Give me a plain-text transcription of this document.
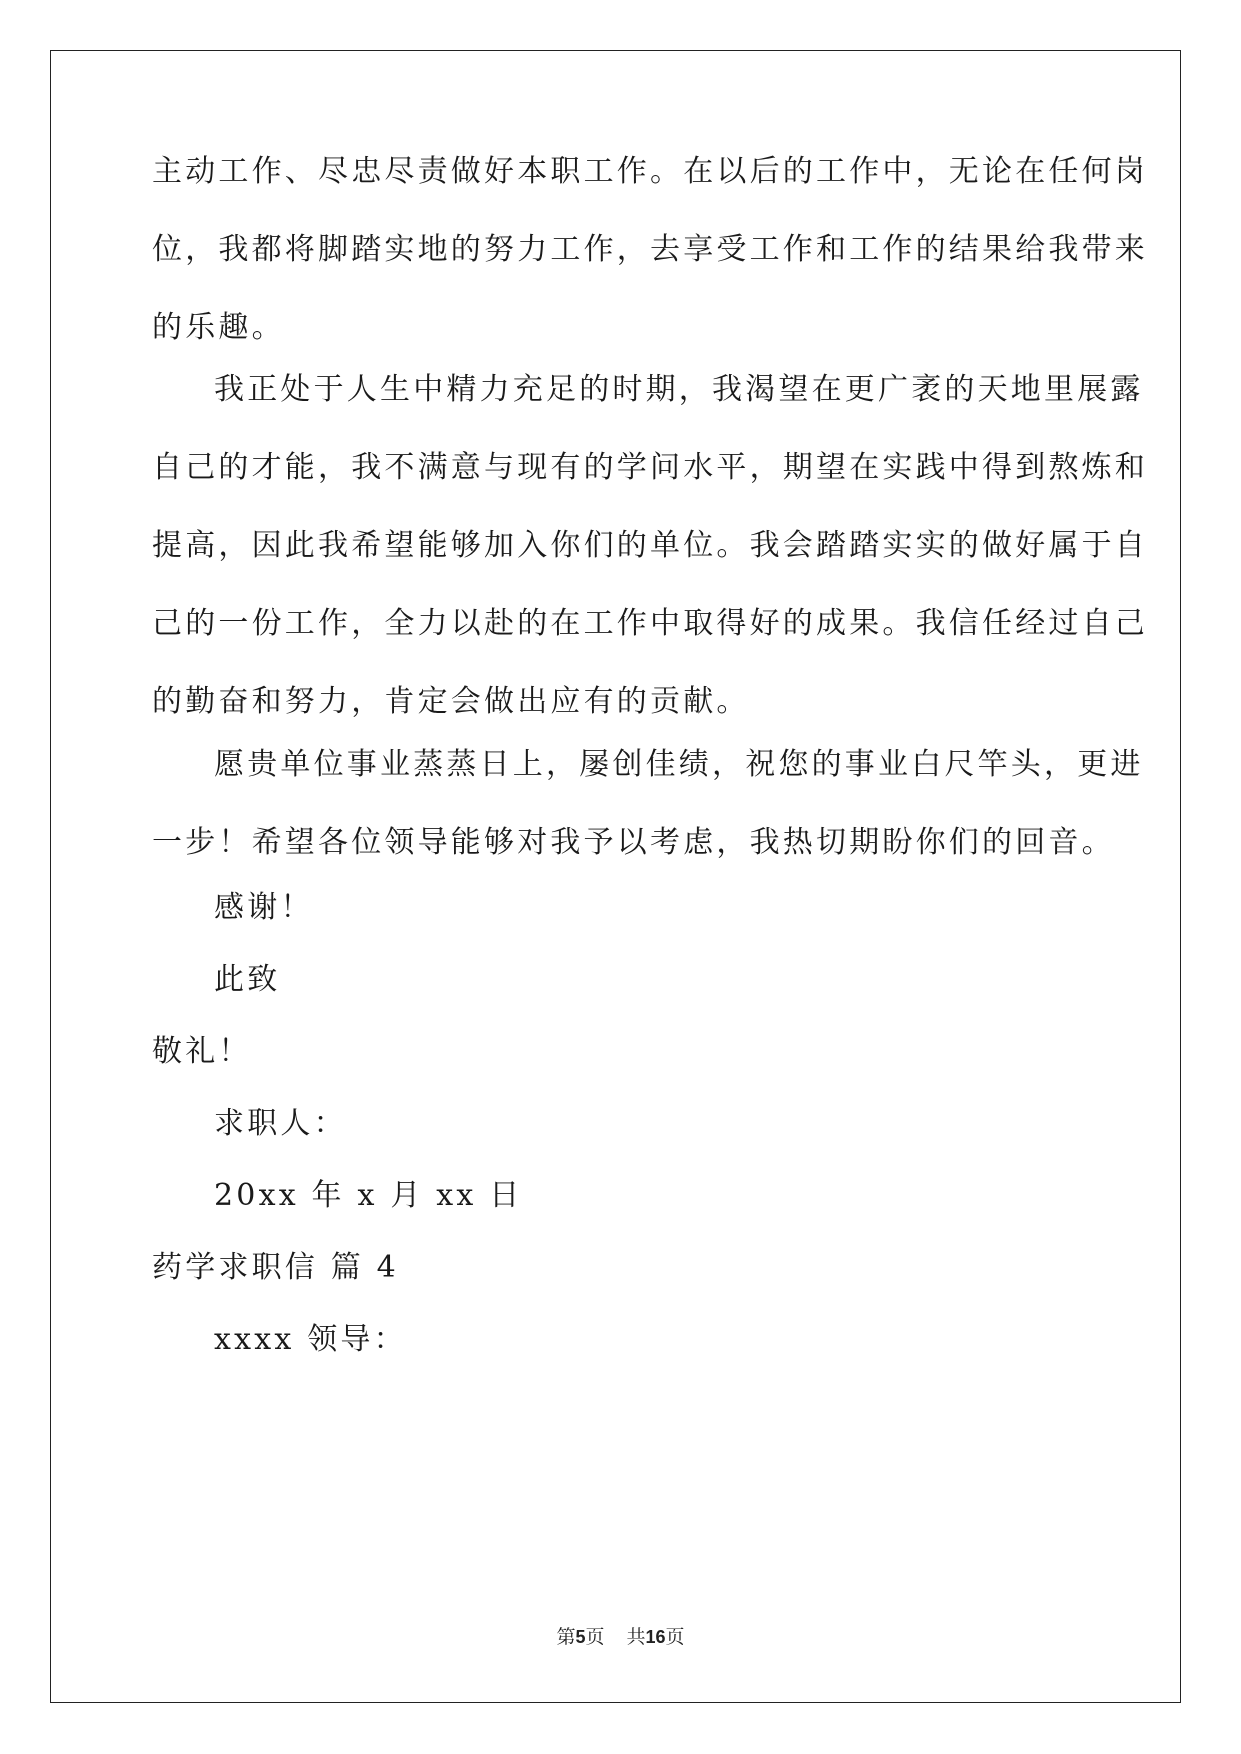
主动工作、尽忠尽责做好本职工作。在以后的工作中，无论在任何岗

位，我都将脚踏实地的努力工作，去享受工作和工作的结果给我带来

的乐趣。

我正处于人生中精力充足的时期，我渴望在更广袤的天地里展露

自己的才能，我不满意与现有的学问水平，期望在实践中得到熬炼和

提高，因此我希望能够加入你们的单位。我会踏踏实实的做好属于自

己的一份工作，全力以赴的在工作中取得好的成果。我信任经过自己

的勤奋和努力，肯定会做出应有的贡献。

愿贵单位事业蒸蒸日上，屡创佳绩，祝您的事业白尺竿头，更进

一步！希望各位领导能够对我予以考虑，我热切期盼你们的回音。

感谢！

此致

敬礼！

求职人：

20xx 年 x 月 xx 日

药学求职信 篇 4

xxxx 领导：

第5页 共16页
